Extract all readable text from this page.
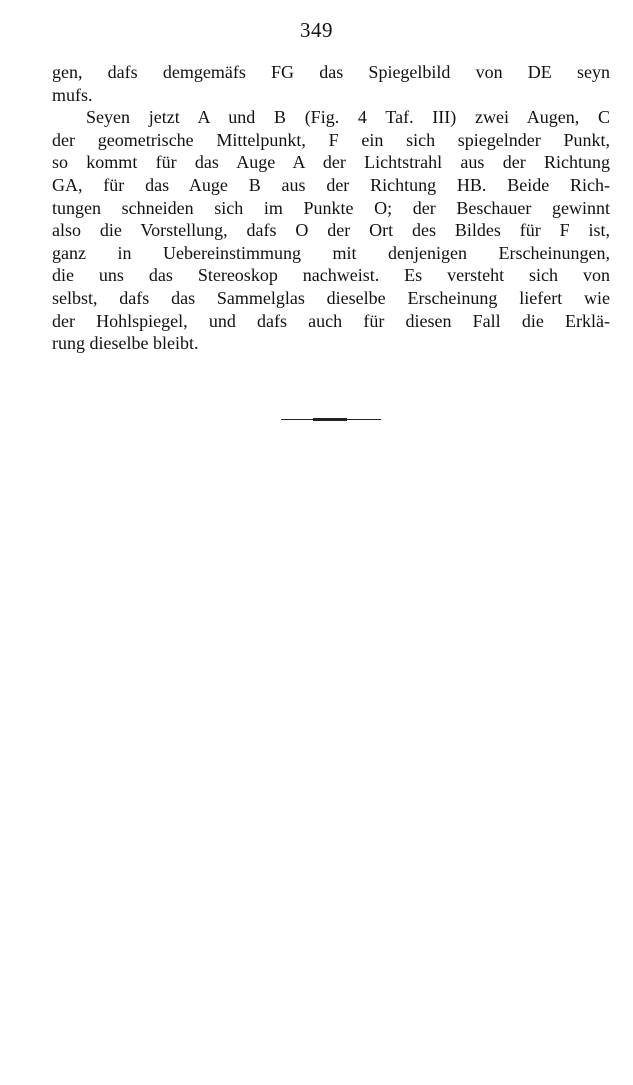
349
gen, dafs demgemäfs FG das Spiegelbild von DE seyn
mufs.
Seyen jetzt A und B (Fig. 4 Taf. III) zwei Augen, C
der geometrische Mittelpunkt, F ein sich spiegelnder Punkt,
so kommt für das Auge A der Lichtstrahl aus der Richtung
GA, für das Auge B aus der Richtung HB. Beide Rich-
tungen schneiden sich im Punkte O; der Beschauer gewinnt
also die Vorstellung, dafs O der Ort des Bildes für F ist,
ganz in Uebereinstimmung mit denjenigen Erscheinungen,
die uns das Stereoskop nachweist. Es versteht sich von
selbst, dafs das Sammelglas dieselbe Erscheinung liefert wie
der Hohlspiegel, und dafs auch für diesen Fall die Erklä-
rung dieselbe bleibt.
